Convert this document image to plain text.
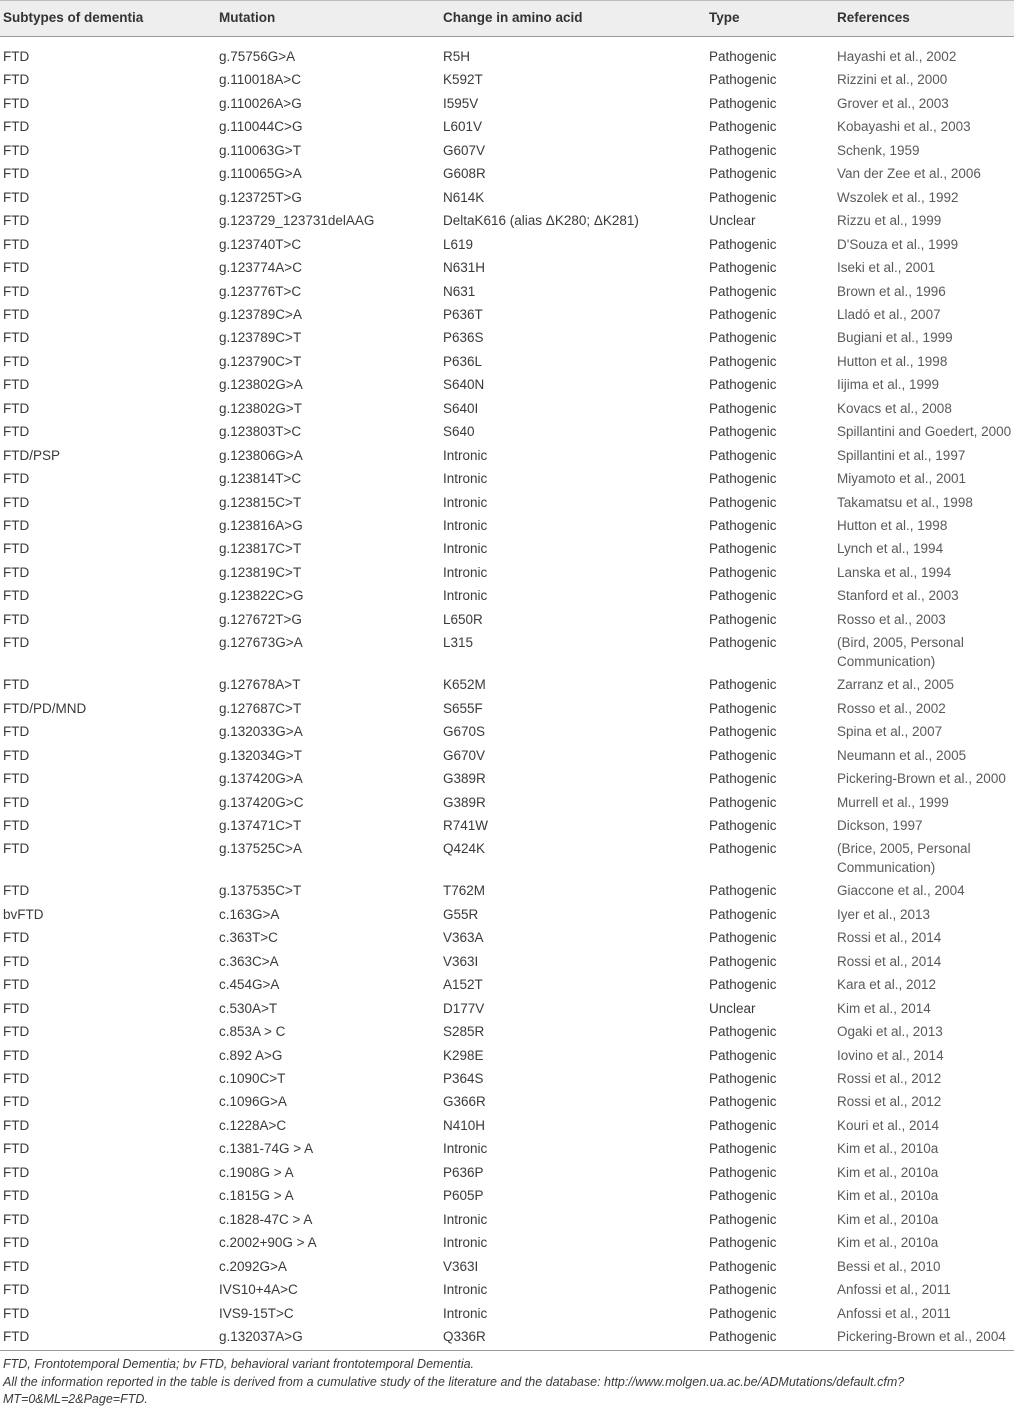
Subtypes of dementia	Mutation	Change in amino acid	Type	References
FTD	g.75756G>A	R5H	Pathogenic	Hayashi et al., 2002
FTD	g.110018A>C	K592T	Pathogenic	Rizzini et al., 2000
FTD	g.110026A>G	I595V	Pathogenic	Grover et al., 2003
FTD	g.110044C>G	L601V	Pathogenic	Kobayashi et al., 2003
FTD	g.110063G>T	G607V	Pathogenic	Schenk, 1959
FTD	g.110065G>A	G608R	Pathogenic	Van der Zee et al., 2006
FTD	g.123725T>G	N614K	Pathogenic	Wszolek et al., 1992
FTD	g.123729_123731delAAG	DeltaK616 (alias ΔK280; ΔK281)	Unclear	Rizzu et al., 1999
FTD	g.123740T>C	L619	Pathogenic	D'Souza et al., 1999
FTD	g.123774A>C	N631H	Pathogenic	Iseki et al., 2001
FTD	g.123776T>C	N631	Pathogenic	Brown et al., 1996
FTD	g.123789C>A	P636T	Pathogenic	Lladó et al., 2007
FTD	g.123789C>T	P636S	Pathogenic	Bugiani et al., 1999
FTD	g.123790C>T	P636L	Pathogenic	Hutton et al., 1998
FTD	g.123802G>A	S640N	Pathogenic	Iijima et al., 1999
FTD	g.123802G>T	S640I	Pathogenic	Kovacs et al., 2008
FTD	g.123803T>C	S640	Pathogenic	Spillantini and Goedert, 2000
FTD/PSP	g.123806G>A	Intronic	Pathogenic	Spillantini et al., 1997
FTD	g.123814T>C	Intronic	Pathogenic	Miyamoto et al., 2001
FTD	g.123815C>T	Intronic	Pathogenic	Takamatsu et al., 1998
FTD	g.123816A>G	Intronic	Pathogenic	Hutton et al., 1998
FTD	g.123817C>T	Intronic	Pathogenic	Lynch et al., 1994
FTD	g.123819C>T	Intronic	Pathogenic	Lanska et al., 1994
FTD	g.123822C>G	Intronic	Pathogenic	Stanford et al., 2003
FTD	g.127672T>G	L650R	Pathogenic	Rosso et al., 2003
FTD	g.127673G>A	L315	Pathogenic	(Bird, 2005, Personal Communication)
FTD	g.127678A>T	K652M	Pathogenic	Zarranz et al., 2005
FTD/PD/MND	g.127687C>T	S655F	Pathogenic	Rosso et al., 2002
FTD	g.132033G>A	G670S	Pathogenic	Spina et al., 2007
FTD	g.132034G>T	G670V	Pathogenic	Neumann et al., 2005
FTD	g.137420G>A	G389R	Pathogenic	Pickering-Brown et al., 2000
FTD	g.137420G>C	G389R	Pathogenic	Murrell et al., 1999
FTD	g.137471C>T	R741W	Pathogenic	Dickson, 1997
FTD	g.137525C>A	Q424K	Pathogenic	(Brice, 2005, Personal Communication)
FTD	g.137535C>T	T762M	Pathogenic	Giaccone et al., 2004
bvFTD	c.163G>A	G55R	Pathogenic	Iyer et al., 2013
FTD	c.363T>C	V363A	Pathogenic	Rossi et al., 2014
FTD	c.363C>A	V363I	Pathogenic	Rossi et al., 2014
FTD	c.454G>A	A152T	Pathogenic	Kara et al., 2012
FTD	c.530A>T	D177V	Unclear	Kim et al., 2014
FTD	c.853A > C	S285R	Pathogenic	Ogaki et al., 2013
FTD	c.892 A>G	K298E	Pathogenic	Iovino et al., 2014
FTD	c.1090C>T	P364S	Pathogenic	Rossi et al., 2012
FTD	c.1096G>A	G366R	Pathogenic	Rossi et al., 2012
FTD	c.1228A>C	N410H	Pathogenic	Kouri et al., 2014
FTD	c.1381-74G > A	Intronic	Pathogenic	Kim et al., 2010a
FTD	c.1908G > A	P636P	Pathogenic	Kim et al., 2010a
FTD	c.1815G > A	P605P	Pathogenic	Kim et al., 2010a
FTD	c.1828-47C > A	Intronic	Pathogenic	Kim et al., 2010a
FTD	c.2002+90G > A	Intronic	Pathogenic	Kim et al., 2010a
FTD	c.2092G>A	V363I	Pathogenic	Bessi et al., 2010
FTD	IVS10+4A>C	Intronic	Pathogenic	Anfossi et al., 2011
FTD	IVS9-15T>C	Intronic	Pathogenic	Anfossi et al., 2011
FTD	g.132037A>G	Q336R	Pathogenic	Pickering-Brown et al., 2004
FTD, Frontotemporal Dementia; bv FTD, behavioral variant frontotemporal Dementia.
All the information reported in the table is derived from a cumulative study of the literature and the database: http://www.molgen.ua.ac.be/ADMutations/default.cfm?MT=0&ML=2&Page=FTD.
